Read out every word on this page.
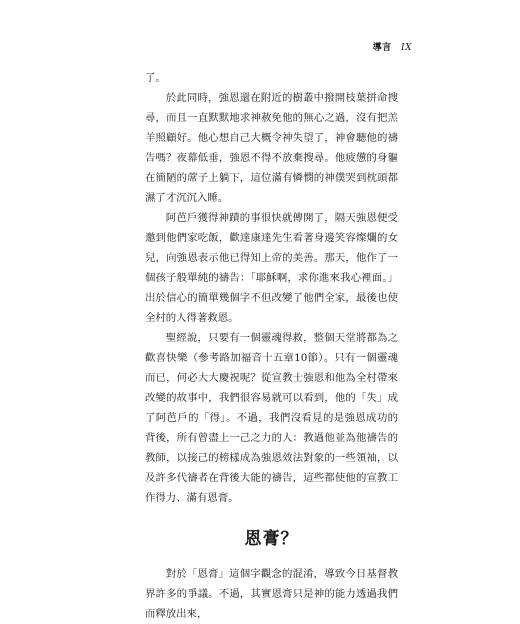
導言 IX

了。

於此同時，強恩還在附近的樹叢中撥開枝葉拼命搜尋，而且一直默默地求神赦免他的無心之過，沒有把羔羊照顧好。他心想自己大概令神失望了，神會聽他的禱告嗎？夜幕低垂，強恩不得不放棄搜尋。他疲憊的身軀在簡陋的蓆子上躺下，這位滿有憐憫的神僕哭到枕頭都濕了才沉沉入睡。

阿芭戶獲得神蹟的事很快就傳開了，隔天強恩便受邀到他們家吃飯，歡達康達先生看著身邊笑容燦爛的女兒，向強恩表示他已得知上帝的美善。那天，他作了一個孩子般單純的禱告：「耶穌啊，求你進來我心裡面。」出於信心的簡單幾個字不但改變了他們全家，最後也使全村的人得著救恩。

聖經說，只要有一個靈魂得救，整個天堂將都為之歡喜快樂（參考路加福音十五章10節）。只有一個靈魂而已，何必大大慶祝呢？從宣教士強恩和他為全村帶來改變的故事中，我們很容易就可以看到，他的「失」成了阿芭戶的「得」。不過，我們沒看見的是強恩成功的背後，所有曾盡上一己之力的人：教過他並為他禱告的教師，以接己的榜樣成為強恩效法對象的一些領袖，以及許多代禱者在背後大能的禱告，這些都使他的宣教工作得力、滿有恩膏。

恩膏？

對於「恩膏」這個字觀念的混淆，導致今日基督教界許多的爭議。不過，其實恩膏只是神的能力透過我們而釋放出來，
